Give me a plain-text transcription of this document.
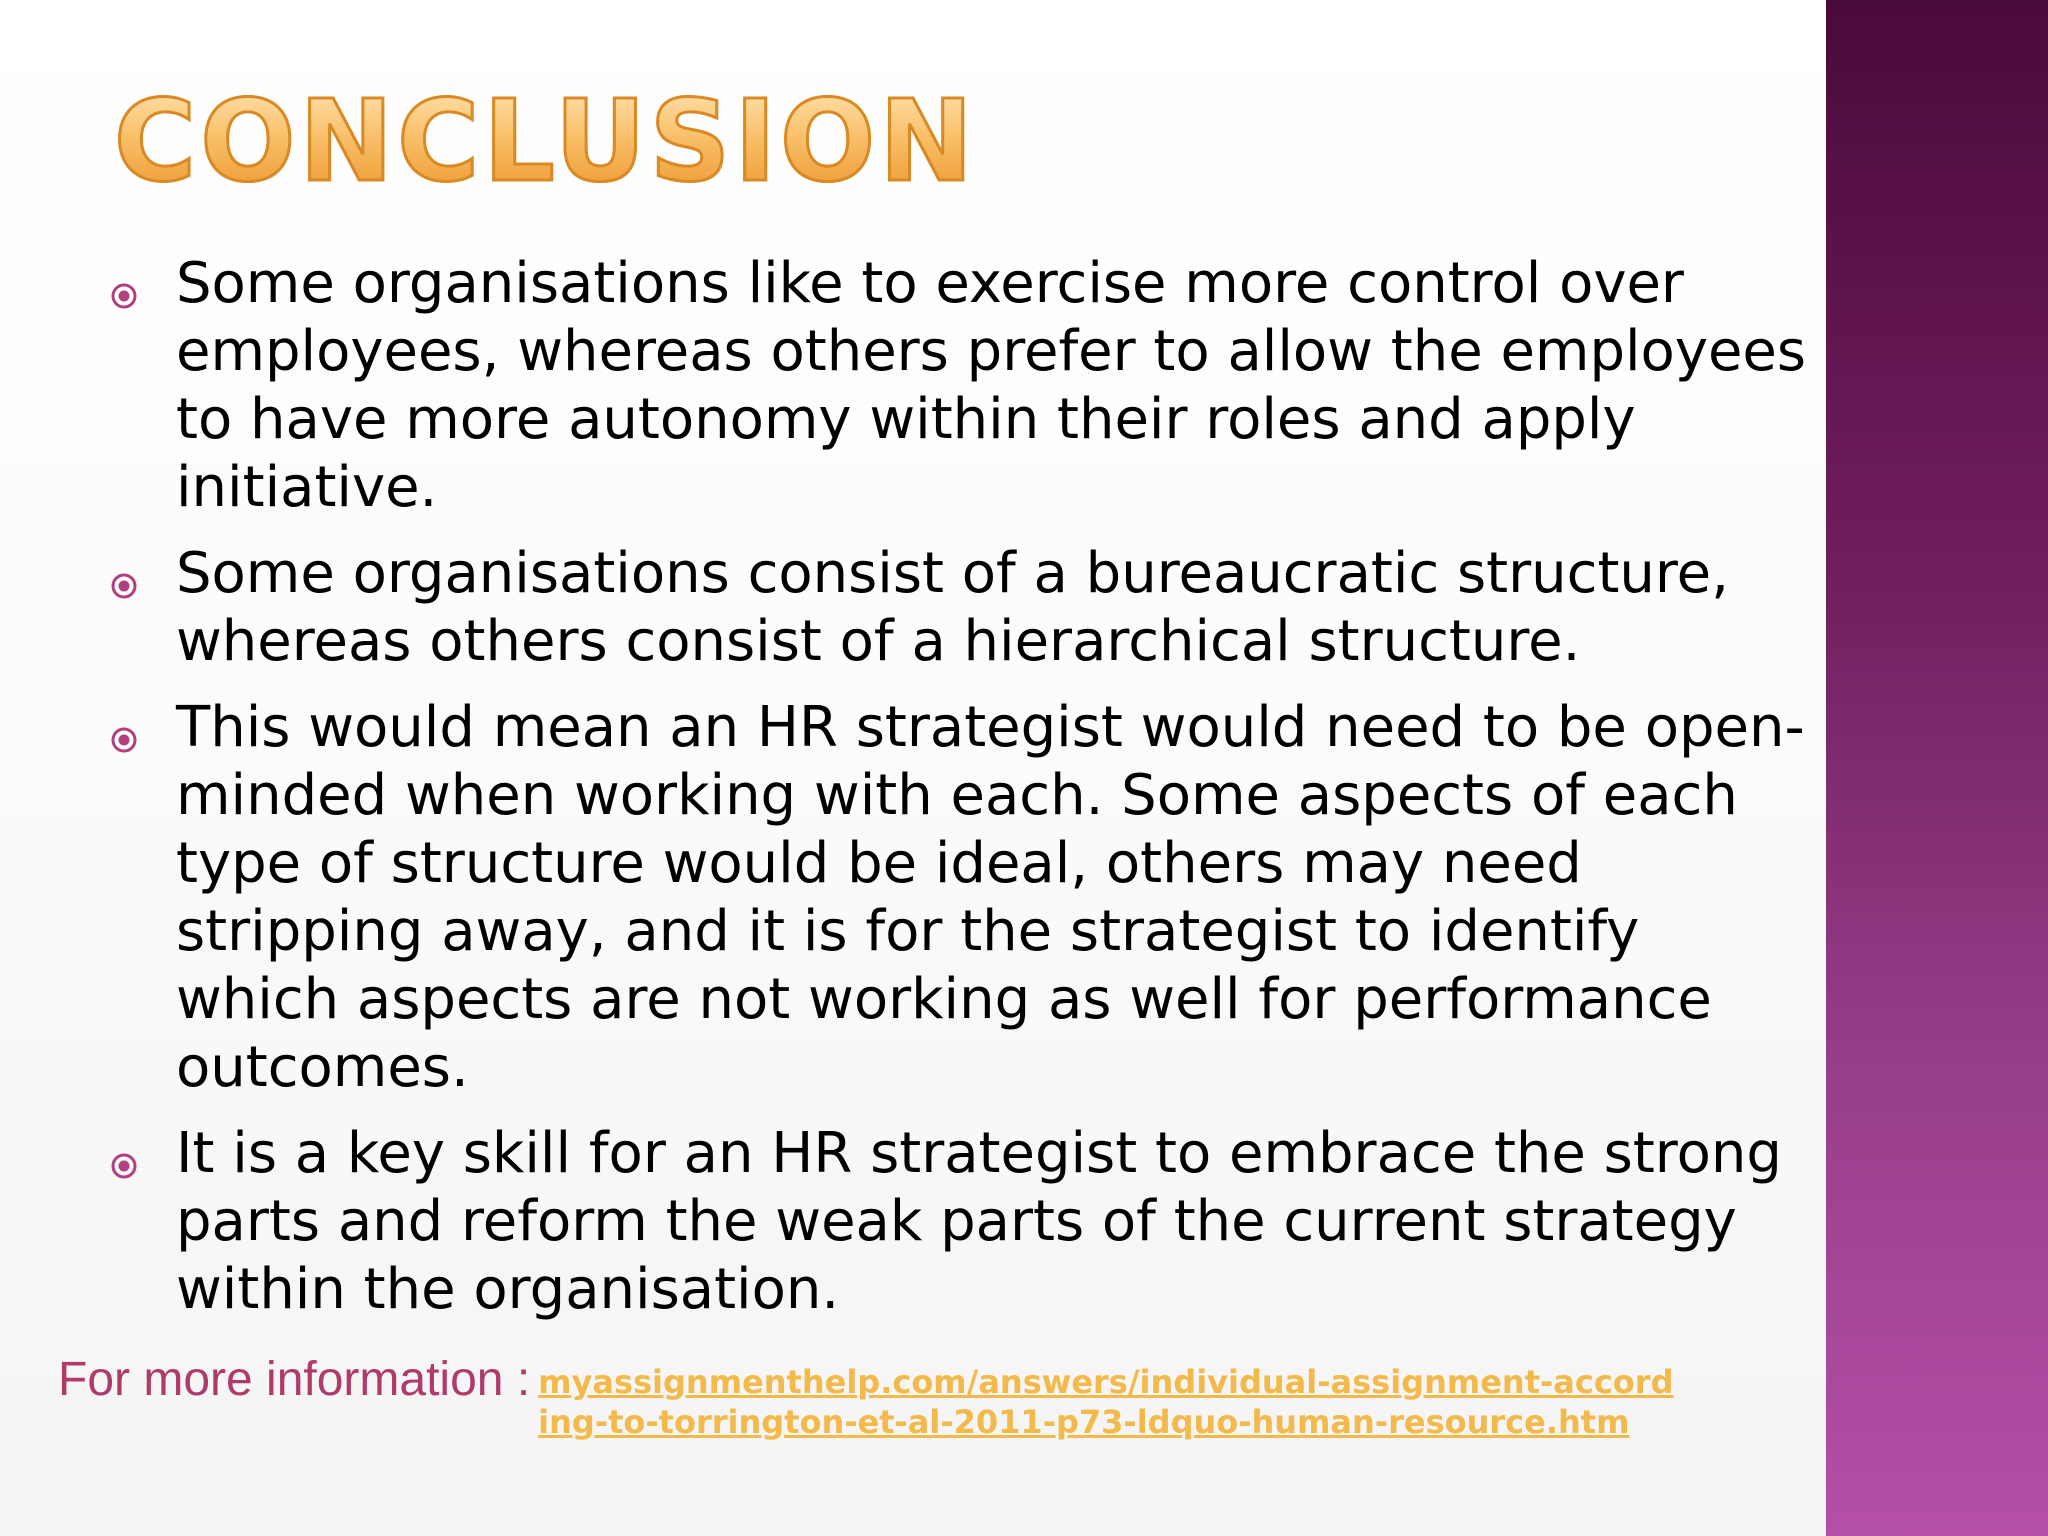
CONCLUSION
Some organisations like to exercise more control over employees, whereas others prefer to allow the employees to have more autonomy within their roles and apply initiative.
Some organisations consist of a bureaucratic structure, whereas others consist of a hierarchical structure.
This would mean an HR strategist would need to be open-minded when working with each. Some aspects of each type of structure would be ideal, others may need stripping away, and it is for the strategist to identify which aspects are not working as well for performance outcomes.
It is a key skill for an HR strategist to embrace the strong parts and reform the weak parts of the current strategy within the organisation.
For more information : myassignmenthelp.com/answers/individual-assignment-according-to-torrington-et-al-2011-p73-ldquo-human-resource.htm
